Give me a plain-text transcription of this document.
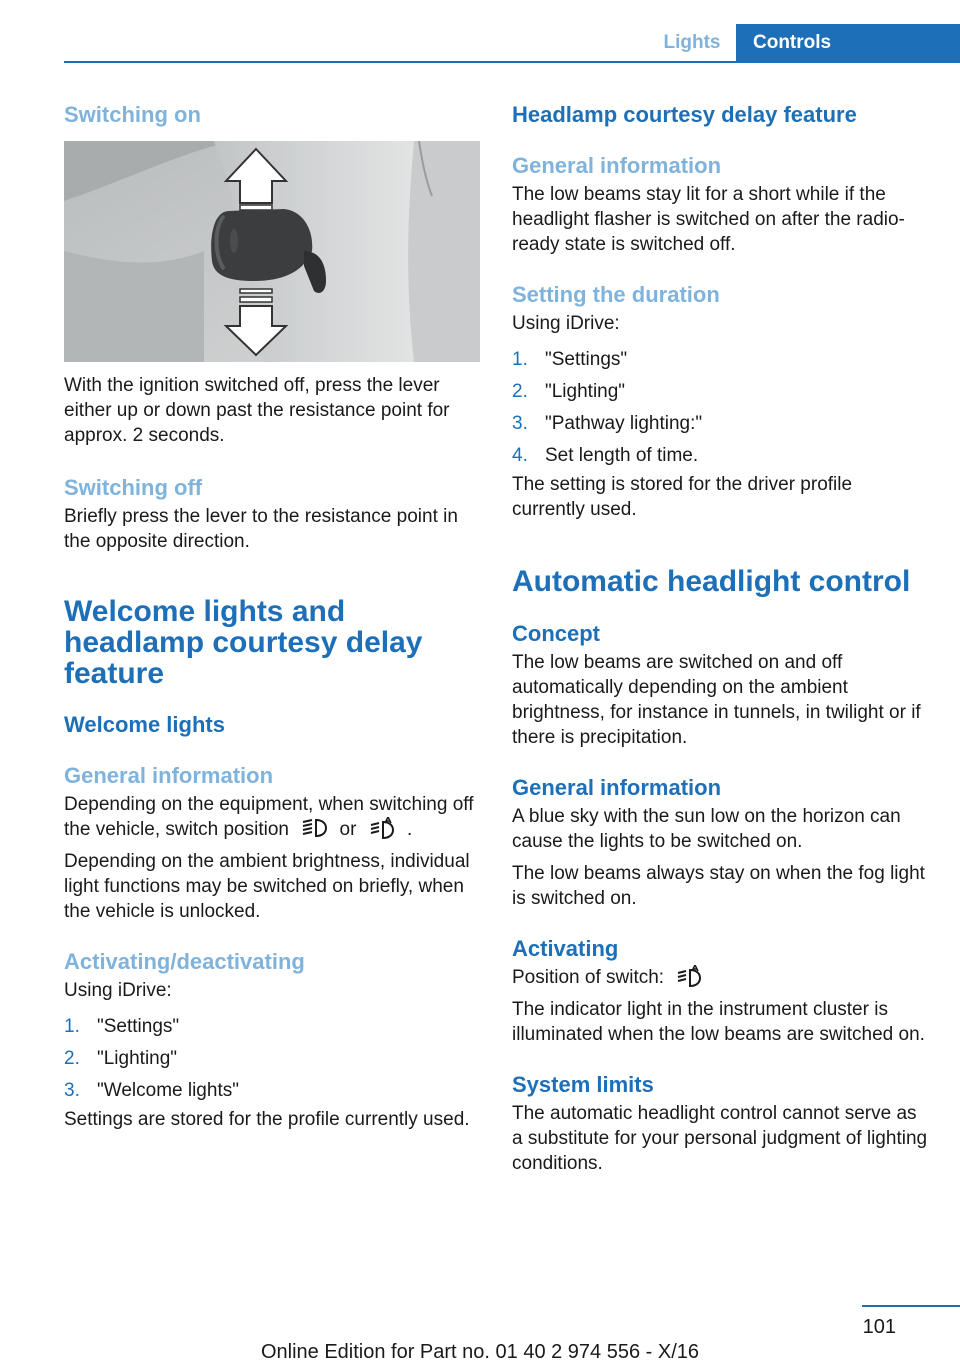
Lights	Controls
Switching on

With the ignition switched off, press the lever either up or down past the resistance point for approx. 2 seconds.

Switching off

Briefly press the lever to the resistance point in the opposite direction.

Welcome lights and
headlamp courtesy delay
feature
Welcome lights
General information

Depending on the equipment, when switching off the vehicle, switch position	or	.

Depending on the ambient brightness, individual light functions may be switched on briefly, when the vehicle is unlocked.

Activating/deactivating

Using iDrive:

1. "Settings"
2. "Lighting"
3. "Welcome lights"

Settings are stored for the profile currently used.

Headlamp courtesy delay feature
General information

The low beams stay lit for a short while if the headlight flasher is switched on after the radio-ready state is switched off.

Setting the duration

Using iDrive:

1. "Settings"
2. "Lighting"
3. "Pathway lighting:"
4. Set length of time.

The setting is stored for the driver profile currently used.

Automatic headlight control
Concept

The low beams are switched on and off automatically depending on the ambient brightness, for instance in tunnels, in twilight or if there is precipitation.

General information

A blue sky with the sun low on the horizon can cause the lights to be switched on.

The low beams always stay on when the fog light is switched on.

Activating

Position of switch:

The indicator light in the instrument cluster is illuminated when the low beams are switched on.

System limits

The automatic headlight control cannot serve as a substitute for your personal judgment of lighting conditions.

101
Online Edition for Part no. 01 40 2 974 556 - X/16
